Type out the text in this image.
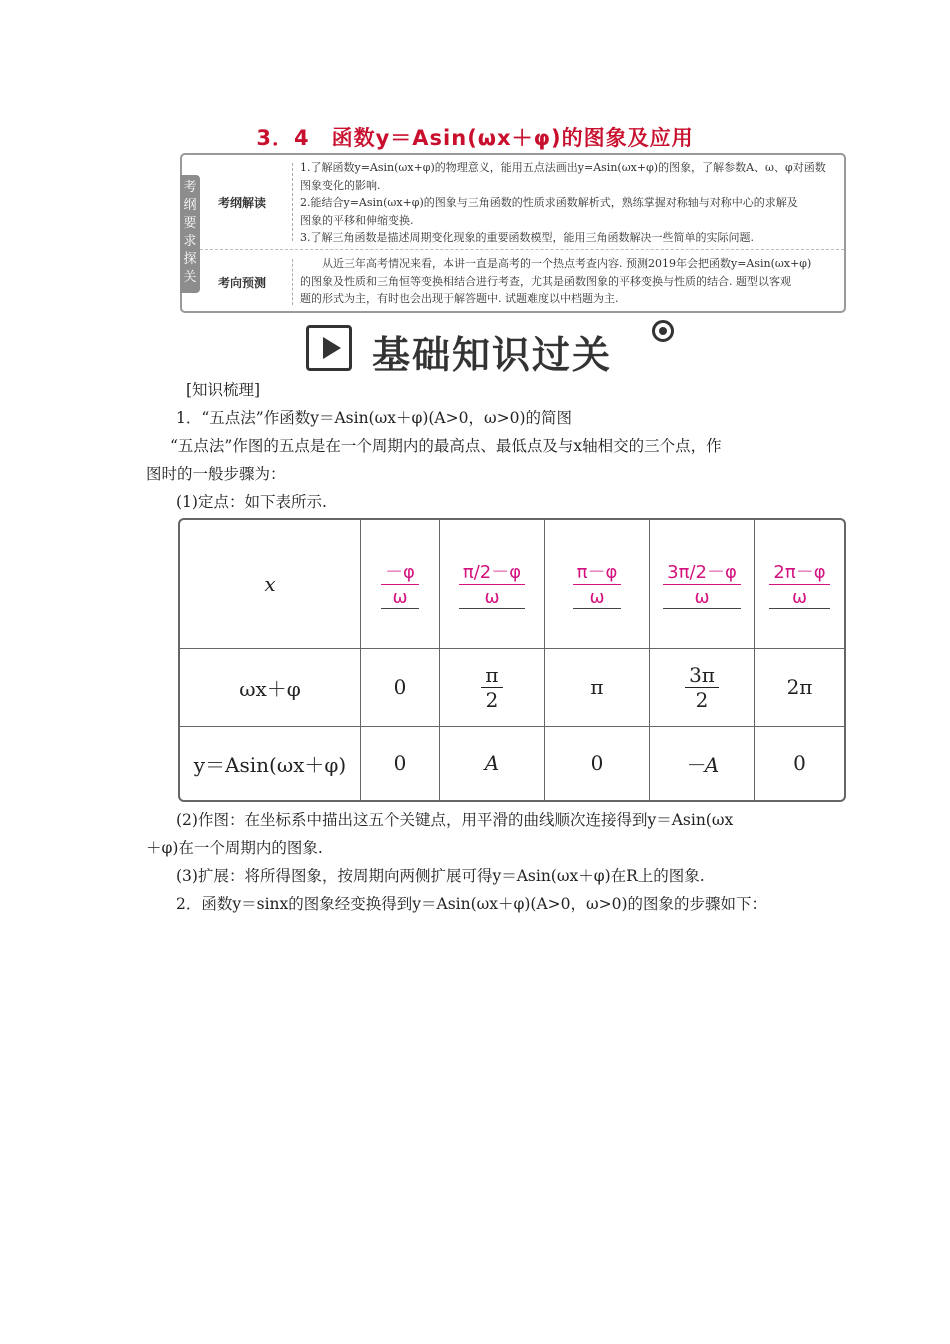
3．4　函数y＝Asin(ωx＋φ)的图象及应用
考纲要求探关
考纲解读
1.了解函数y=Asin(ωx+φ)的物理意义，能用五点法画出y=Asin(ωx+φ)的图象，了解参数A、ω、φ对函数
图象变化的影响.
2.能结合y=Asin(ωx+φ)的图象与三角函数的性质求函数解析式，熟练掌握对称轴与对称中心的求解及
图象的平移和伸缩变换.
3.了解三角函数是描述周期变化现象的重要函数模型，能用三角函数解决一些简单的实际问题.
考向预测
　　从近三年高考情况来看，本讲一直是高考的一个热点考查内容. 预测2019年会把函数y=Asin(ωx+φ)
的图象及性质和三角恒等变换相结合进行考查，尤其是函数图象的平移变换与性质的结合. 题型以客观
题的形式为主，有时也会出现于解答题中. 试题难度以中档题为主.
基础知识过关
[知识梳理]
1．“五点法”作函数y＝Asin(ωx＋φ)(A>0，ω>0)的简图
“五点法”作图的五点是在一个周期内的最高点、最低点及与x轴相交的三个点，作
图时的一般步骤为：
(1)定点：如下表所示.
x	$\frac{-\varphi}{\omega}$	$\frac{\pi/2-\varphi}{\omega}$	$\frac{\pi-\varphi}{\omega}$	$\frac{3\pi/2-\varphi}{\omega}$	$\frac{2\pi-\varphi}{\omega}$

ωx＋φ	0	$\frac{\pi}{2}$	π	$\frac{3\pi}{2}$	2π
y＝Asin(ωx＋φ)	0	A	0	－A	0
(2)作图：在坐标系中描出这五个关键点，用平滑的曲线顺次连接得到y＝Asin(ωx
＋φ)在一个周期内的图象.
(3)扩展：将所得图象，按周期向两侧扩展可得y＝Asin(ωx＋φ)在R上的图象.
2．函数y＝sinx的图象经变换得到y＝Asin(ωx＋φ)(A>0，ω>0)的图象的步骤如下：
